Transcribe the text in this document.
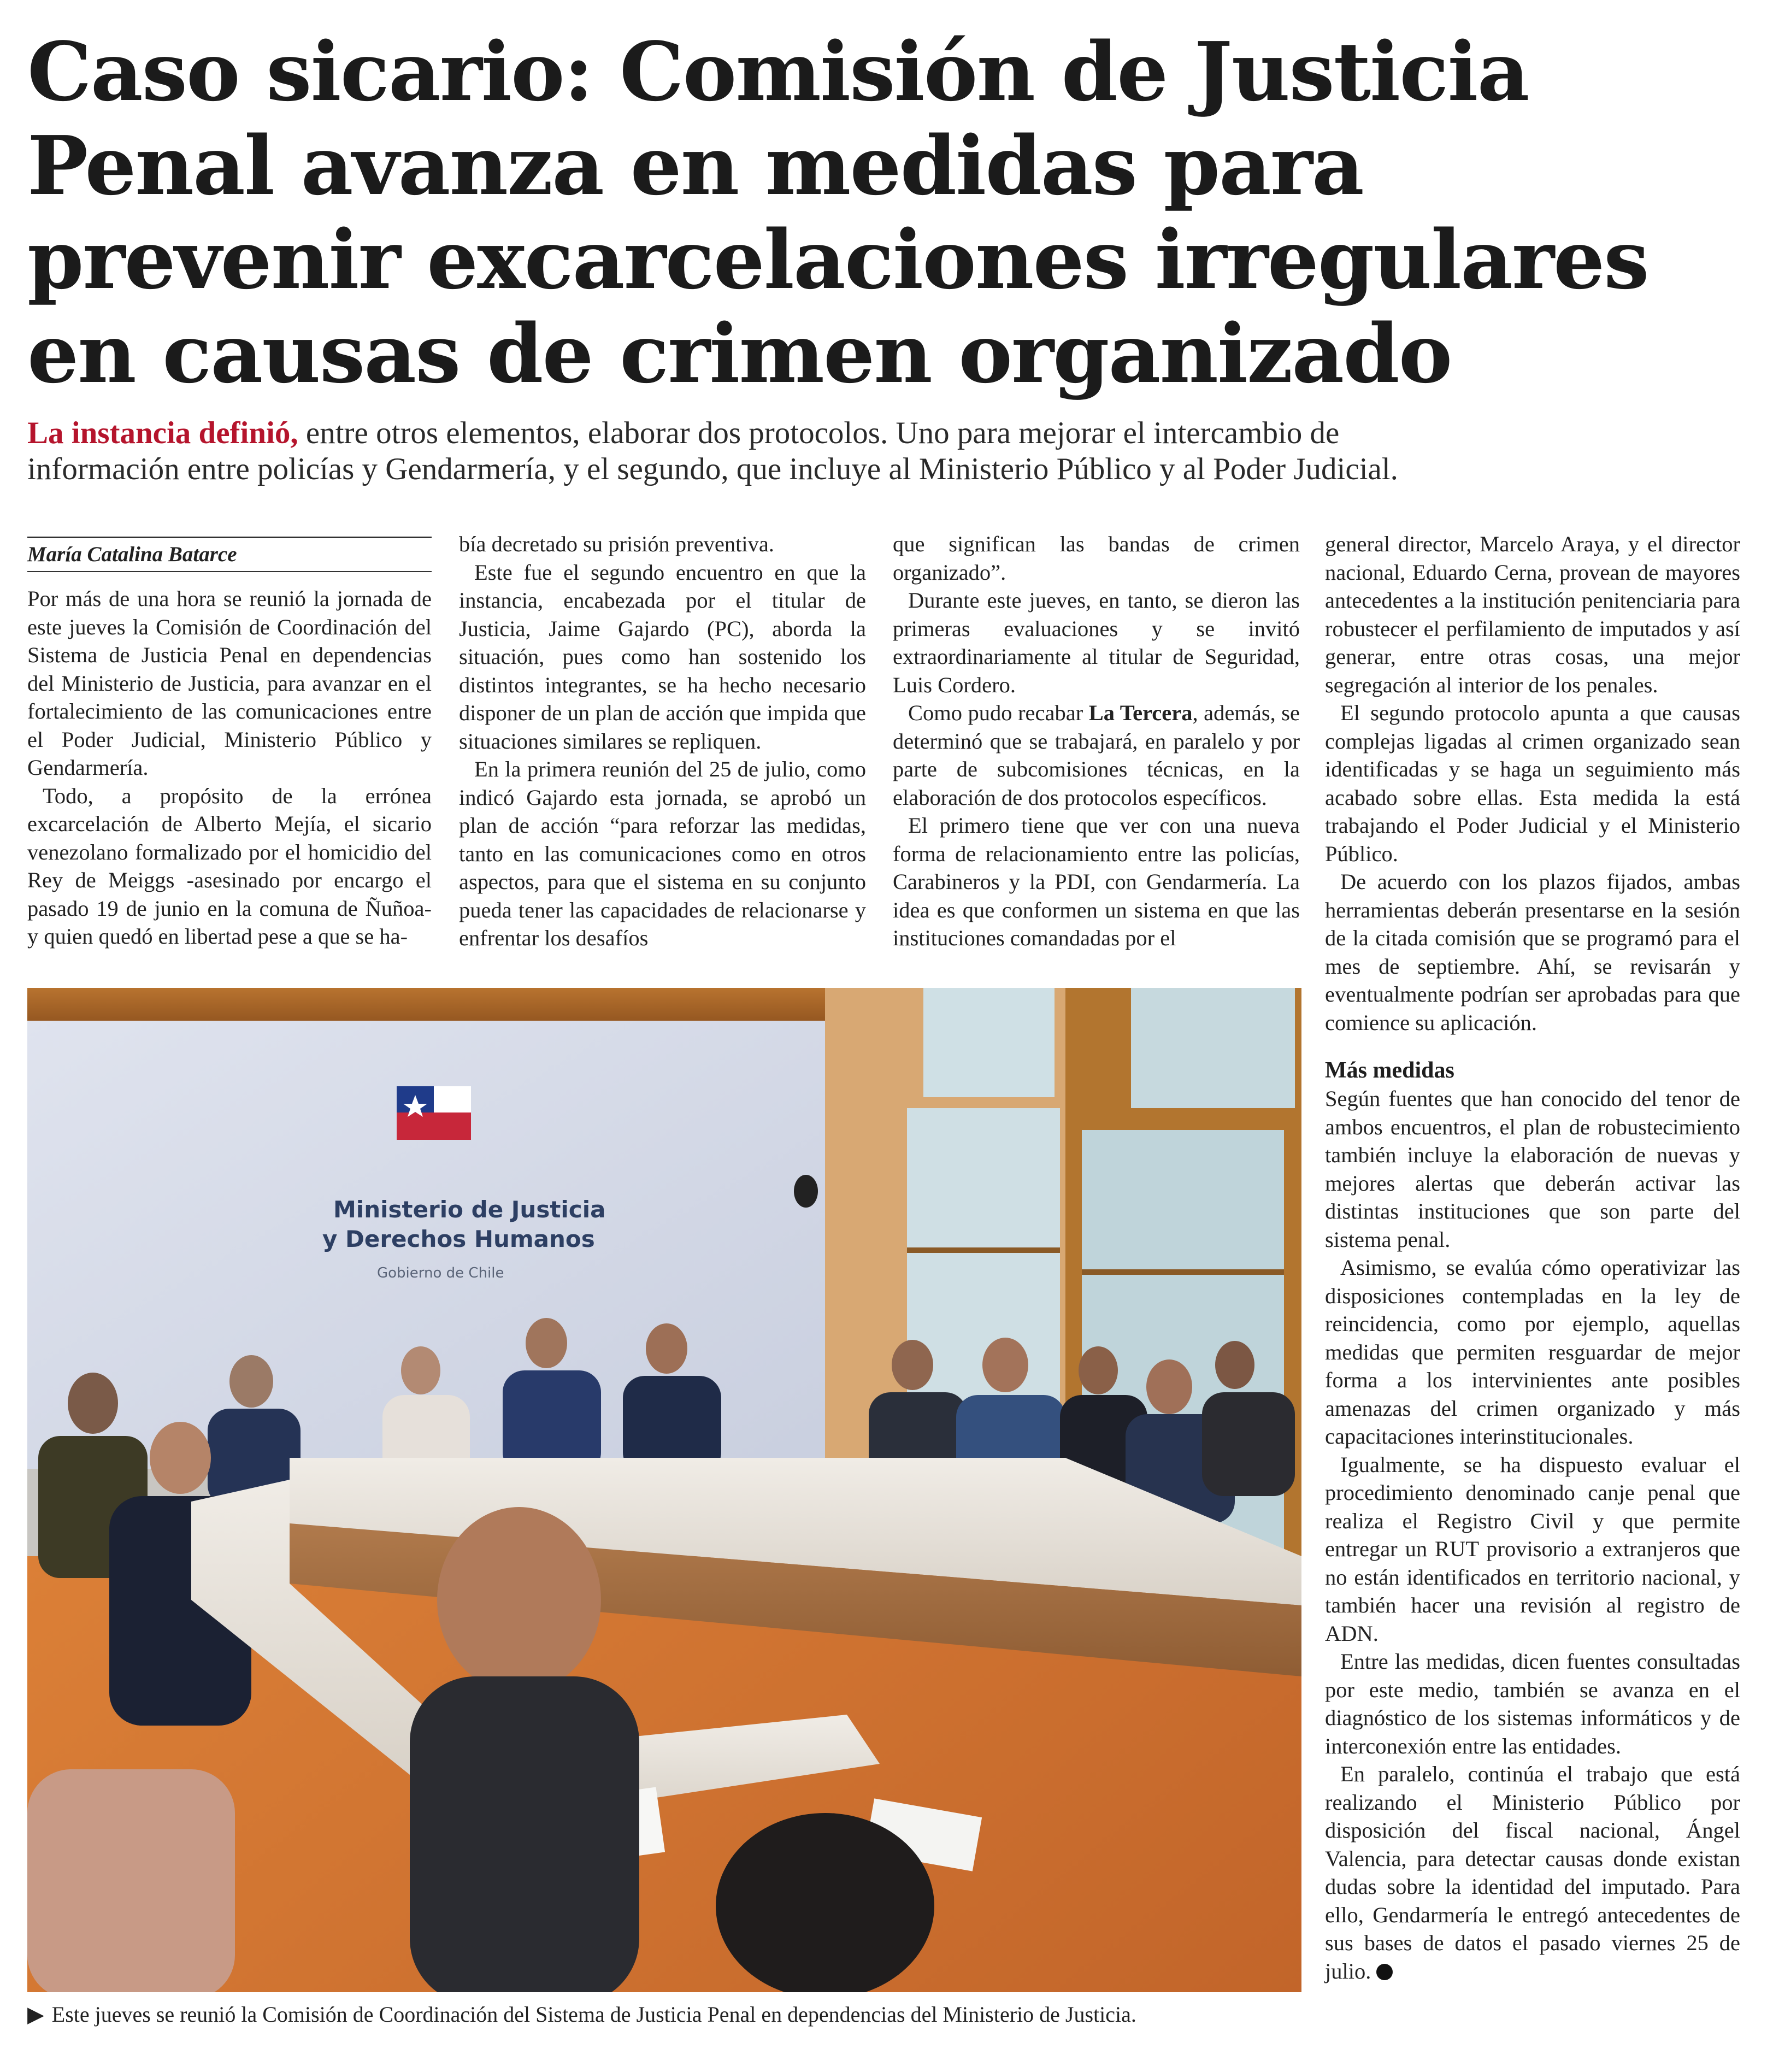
Caso sicario: Comisión de Justicia
Penal avanza en medidas para
prevenir excarcelaciones irregulares
en causas de crimen organizado
La instancia definió, entre otros elementos, elaborar dos protocolos. Uno para mejorar el intercambio de
información entre policías y Gendarmería, y el segundo, que incluye al Ministerio Público y al Poder Judicial.
María Catalina Batarce

Por más de una hora se reunió la jornada de este jueves la Comisión de Coordinación del Sistema de Justicia Penal en dependencias del Ministerio de Justicia, para avanzar en el fortalecimiento de las comunicaciones entre el Poder Judicial, Ministerio Público y Gendarmería.

Todo, a propósito de la errónea excarcelación de Alberto Mejía, el sicario venezolano formalizado por el homicidio del Rey de Meiggs -asesinado por encargo el pasado 19 de junio en la comuna de Ñuñoa- y quien quedó en libertad pese a que se ha-

bía decretado su prisión preventiva.

Este fue el segundo encuentro en que la instancia, encabezada por el titular de Justicia, Jaime Gajardo (PC), aborda la situación, pues como han sostenido los distintos integrantes, se ha hecho necesario disponer de un plan de acción que impida que situaciones similares se repliquen.

En la primera reunión del 25 de julio, como indicó Gajardo esta jornada, se aprobó un plan de acción “para reforzar las medidas, tanto en las comunicaciones como en otros aspectos, para que el sistema en su conjunto pueda tener las capacidades de relacionarse y enfrentar los desafíos

que significan las bandas de crimen organizado”.

Durante este jueves, en tanto, se dieron las primeras evaluaciones y se invitó extraordinariamente al titular de Seguridad, Luis Cordero.

Como pudo recabar La Tercera, además, se determinó que se trabajará, en paralelo y por parte de subcomisiones técnicas, en la elaboración de dos protocolos específicos.

El primero tiene que ver con una nueva forma de relacionamiento entre las policías, Carabineros y la PDI, con Gendarmería. La idea es que conformen un sistema en que las instituciones comandadas por el

general director, Marcelo Araya, y el director nacional, Eduardo Cerna, provean de mayores antecedentes a la institución penitenciaria para robustecer el perfilamiento de imputados y así generar, entre otras cosas, una mejor segregación al interior de los penales.

El segundo protocolo apunta a que causas complejas ligadas al crimen organizado sean identificadas y se haga un seguimiento más acabado sobre ellas. Esta medida la está trabajando el Poder Judicial y el Ministerio Público.

De acuerdo con los plazos fijados, ambas herramientas deberán presentarse en la sesión de la citada comisión que se programó para el mes de septiembre. Ahí, se revisarán y eventualmente podrían ser aprobadas para que comience su aplicación.

Más medidas

Según fuentes que han conocido del tenor de ambos encuentros, el plan de robustecimiento también incluye la elaboración de nuevas y mejores alertas que deberán activar las distintas instituciones que son parte del sistema penal.

Asimismo, se evalúa cómo operativizar las disposiciones contempladas en la ley de reincidencia, como por ejemplo, aquellas medidas que permiten resguardar de mejor forma a los intervinientes ante posibles amenazas del crimen organizado y más capacitaciones interinstitucionales.

Igualmente, se ha dispuesto evaluar el procedimiento denominado canje penal que realiza el Registro Civil y que permite entregar un RUT provisorio a extranjeros que no están identificados en territorio nacional, y también hacer una revisión al registro de ADN.

Entre las medidas, dicen fuentes consultadas por este medio, también se avanza en el diagnóstico de los sistemas informáticos y de interconexión entre las entidades.

En paralelo, continúa el trabajo que está realizando el Ministerio Público por disposición del fiscal nacional, Ángel Valencia, para detectar causas donde existan dudas sobre la identidad del imputado. Para ello, Gendarmería le entregó antecedentes de sus bases de datos el pasado viernes 25 de julio.

Ministerio de Justicia
y Derechos Humanos
Gobierno de Chile
▶ Este jueves se reunió la Comisión de Coordinación del Sistema de Justicia Penal en dependencias del Ministerio de Justicia.
